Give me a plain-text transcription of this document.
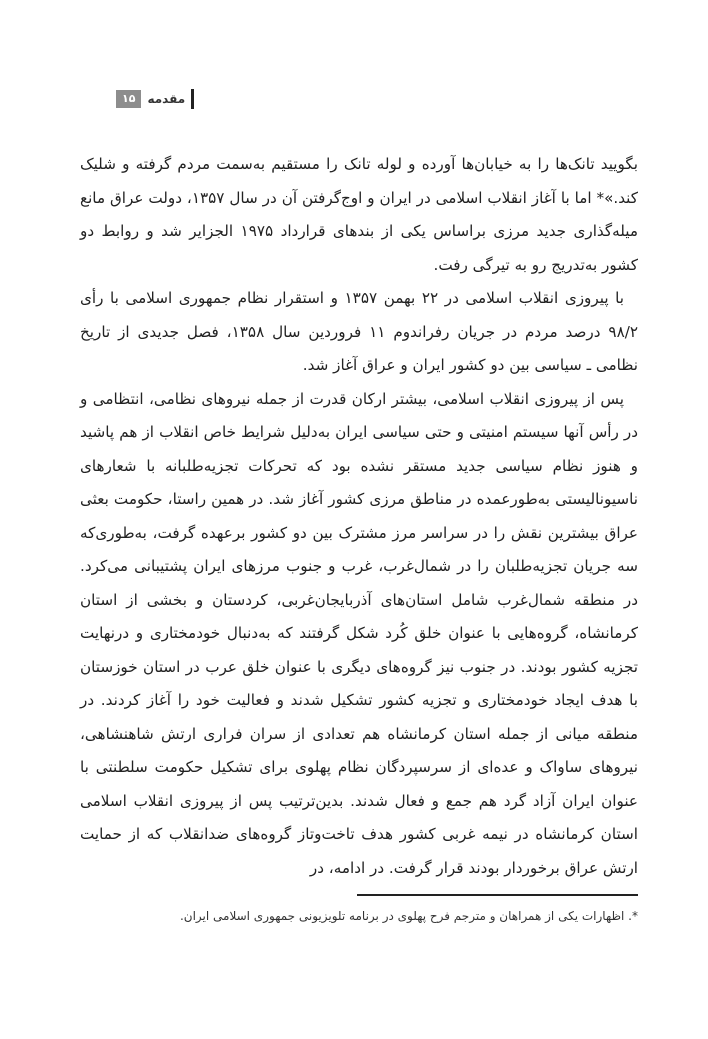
مقدمه
۱۵

بگویید تانک‌ها را به خیابان‌ها آورده و لوله تانک را مستقیم به‌سمت مردم گرفته و شلیک کند.»* اما با آغاز انقلاب اسلامی در ایران و اوج‌گرفتن آن در سال ۱۳۵۷، دولت عراق مانع میله‌گذاری جدید مرزی براساس یکی از بندهای قرارداد ۱۹۷۵ الجزایر شد و روابط دو کشور به‌تدریج رو به تیرگی رفت.

با پیروزی انقلاب اسلامی در ۲۲ بهمن ۱۳۵۷ و استقرار نظام جمهوری اسلامی با رأی ۹۸/۲ درصد مردم در جریان رفراندوم ۱۱ فروردین سال ۱۳۵۸، فصل جدیدی از تاریخ نظامی ـ سیاسی بین دو کشور ایران و عراق آغاز شد.

پس از پیروزی انقلاب اسلامی، بیشتر ارکان قدرت از جمله نیروهای نظامی، انتظامی و در رأس آنها سیستم امنیتی و حتی سیاسی ایران به‌دلیل شرایط خاص انقلاب از هم پاشید و هنوز نظام سیاسی جدید مستقر نشده بود که تحرکات تجزیه‌طلبانه با شعارهای ناسیونالیستی به‌طورعمده در مناطق مرزی کشور آغاز شد. در همین راستا، حکومت بعثی عراق بیشترین نقش را در سراسر مرز مشترک بین دو کشور برعهده گرفت، به‌طوری‌که سه جریان تجزیه‌طلبان را در شمال‌غرب، غرب و جنوب مرزهای ایران پشتیبانی می‌کرد. در منطقه شمال‌غرب شامل استان‌های آذربایجان‌غربی، کردستان و بخشی از استان کرمانشاه، گروه‌هایی با عنوان خلق کُرد شکل گرفتند که به‌دنبال خودمختاری و درنهایت تجزیه کشور بودند. در جنوب نیز گروه‌های دیگری با عنوان خلق عرب در استان خوزستان با هدف ایجاد خودمختاری و تجزیه کشور تشکیل شدند و فعالیت خود را آغاز کردند. در منطقه میانی از جمله استان کرمانشاه هم تعدادی از سران فراری ارتش شاهنشاهی، نیروهای ساواک و عده‌ای از سرسپردگان نظام پهلوی برای تشکیل حکومت سلطنتی با عنوان ایران آزاد گرد هم جمع و فعال شدند. بدین‌ترتیب پس از پیروزی انقلاب اسلامی استان کرمانشاه در نیمه غربی کشور هدف تاخت‌وتاز گروه‌های ضدانقلاب که از حمایت ارتش عراق برخوردار بودند قرار گرفت. در ادامه، در

*. اظهارات یکی از همراهان و مترجم فرح پهلوی در برنامه تلویزیونی جمهوری اسلامی ایران.
